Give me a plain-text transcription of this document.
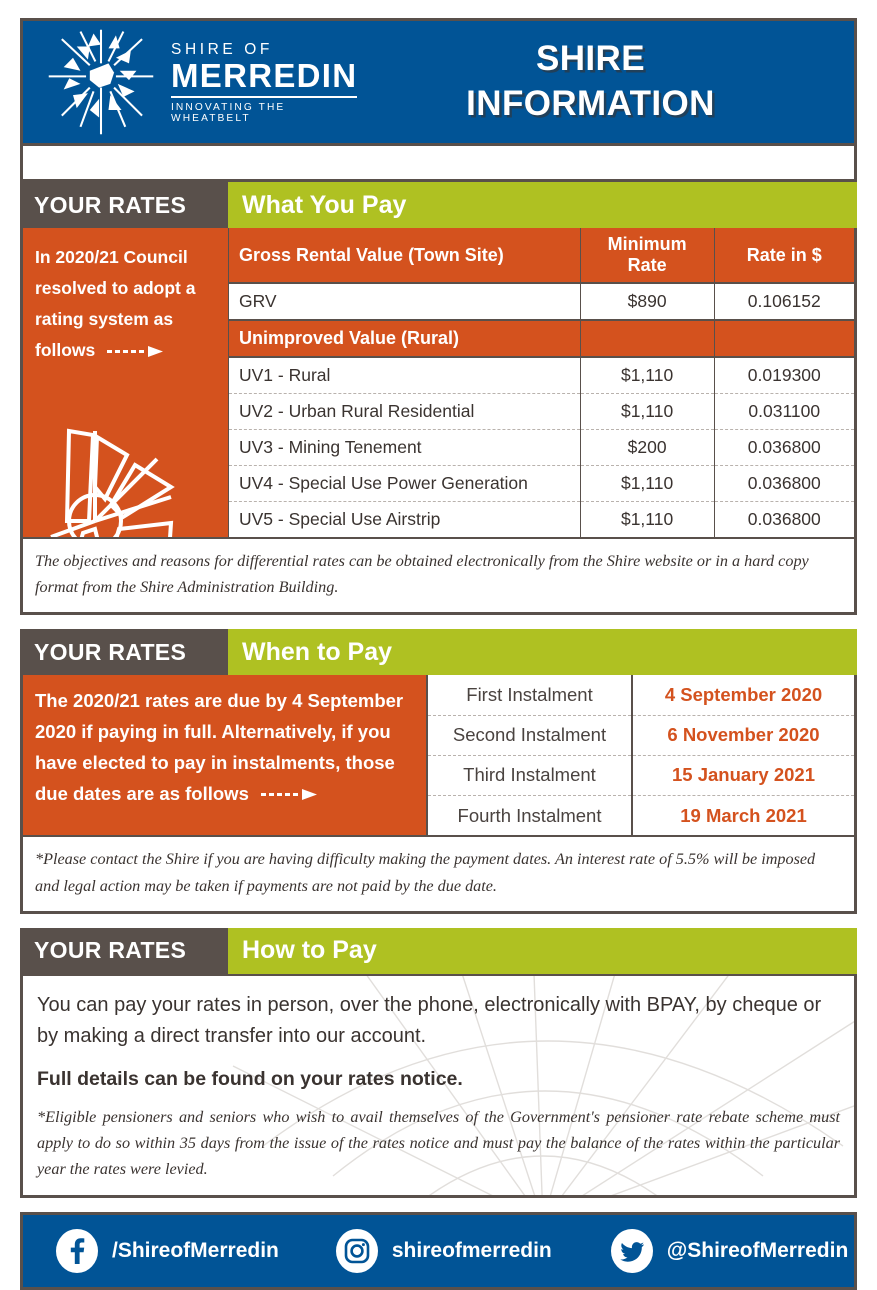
SHIRE OF
MERREDIN
INNOVATING THE WHEATBELT
SHIRE
INFORMATION
YOUR RATES	What You Pay
In 2020/21 Council resolved to adopt a rating system as follows
Gross Rental Value (Town Site)	Minimum Rate	Rate in $
GRV	$890	0.106152
Unimproved Value (Rural)		
UV1 - Rural	$1,110	0.019300
UV2 - Urban Rural Residential	$1,110	0.031100
UV3 - Mining Tenement	$200	0.036800
UV4 - Special Use Power Generation	$1,110	0.036800
UV5 - Special Use Airstrip	$1,110	0.036800
The objectives and reasons for differential rates can be obtained electronically from the Shire website or in a hard copy format from the Shire Administration Building.
YOUR RATES	When to Pay
The 2020/21 rates are due by 4 September 2020 if paying in full. Alternatively, if you have elected to pay in instalments, those due dates are as follows
First Instalment	4 September 2020
Second Instalment	6 November 2020
Third Instalment	15 January 2021
Fourth Instalment	19 March 2021
*Please contact the Shire if you are having difficulty making the payment dates. An interest rate of 5.5% will be imposed and legal action may be taken if payments are not paid by the due date.
YOUR RATES	How to Pay
You can pay your rates in person, over the phone, electronically with BPAY, by cheque or by making a direct transfer into our account.
Full details can be found on your rates notice.
*Eligible pensioners and seniors who wish to avail themselves of the Government's pensioner rate rebate scheme must apply to do so within 35 days from the issue of the rates notice and must pay the balance of the rates within the particular year the rates were levied.
/ShireofMerredin	shireofmerredin	@ShireofMerredin
